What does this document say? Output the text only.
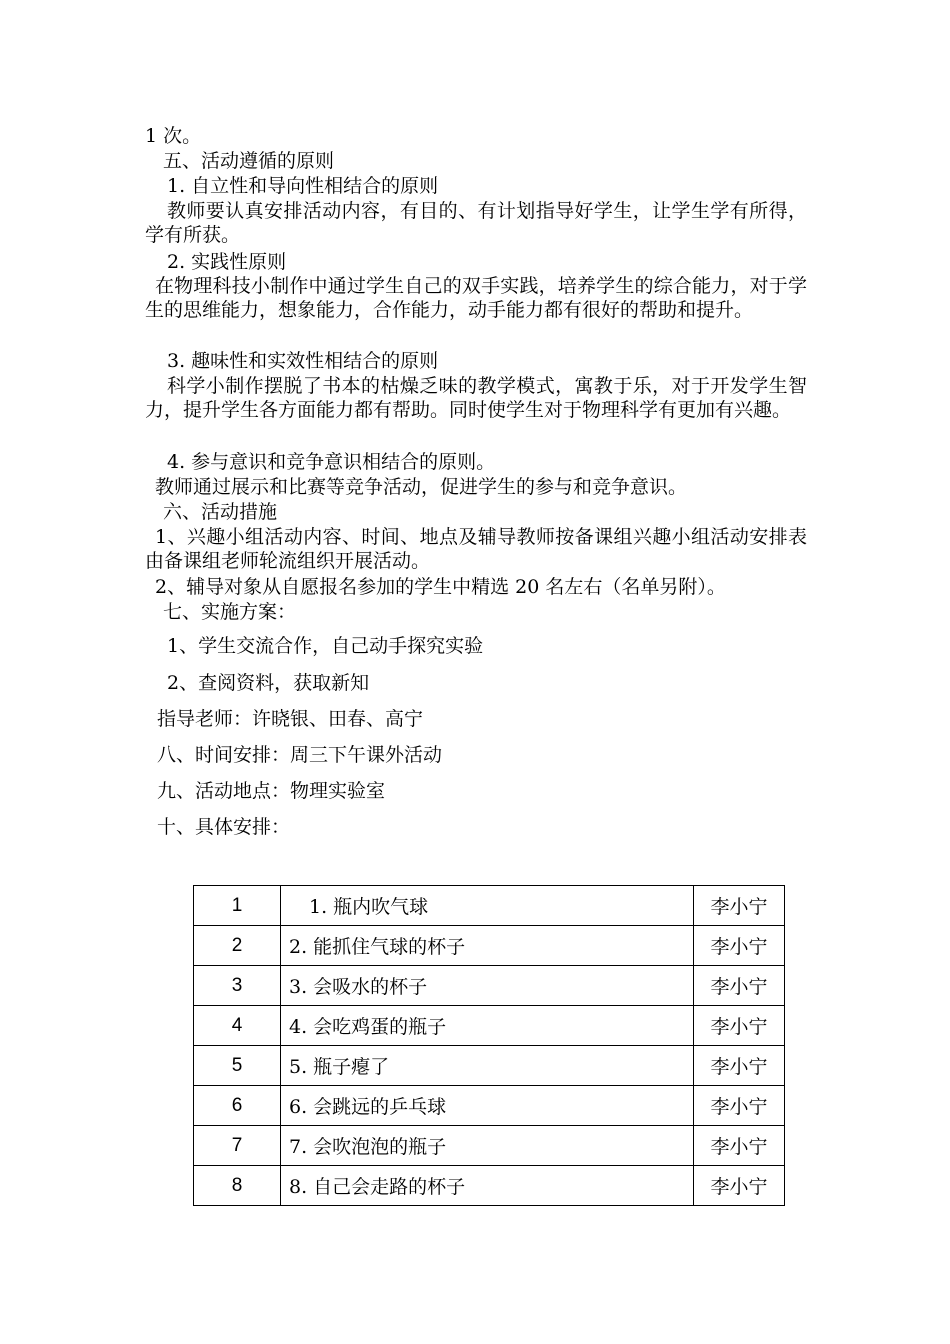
1 次。
五、活动遵循的原则
1. 自立性和导向性相结合的原则
教师要认真安排活动内容，有目的、有计划指导好学生，让学生学有所得，学有所获。
2. 实践性原则
在物理科技小制作中通过学生自己的双手实践，培养学生的综合能力，对于学生的思维能力，想象能力，合作能力，动手能力都有很好的帮助和提升。
3. 趣味性和实效性相结合的原则
科学小制作摆脱了书本的枯燥乏味的教学模式，寓教于乐，对于开发学生智力，提升学生各方面能力都有帮助。同时使学生对于物理科学有更加有兴趣。
4. 参与意识和竞争意识相结合的原则。
教师通过展示和比赛等竞争活动，促进学生的参与和竞争意识。
六、活动措施
1、兴趣小组活动内容、时间、地点及辅导教师按备课组兴趣小组活动安排表由备课组老师轮流组织开展活动。
2、辅导对象从自愿报名参加的学生中精选 20 名左右（名单另附）。
七、实施方案：
1、学生交流合作，自己动手探究实验
2、查阅资料，获取新知
指导老师：许晓银、田春、高宁
八、时间安排：周三下午课外活动
九、活动地点：物理实验室
十、具体安排：
1	1. 瓶内吹气球	李小宁
2	2. 能抓住气球的杯子	李小宁
3	3. 会吸水的杯子	李小宁
4	4. 会吃鸡蛋的瓶子	李小宁
5	5. 瓶子瘪了	李小宁
6	6. 会跳远的乒乓球	李小宁
7	7. 会吹泡泡的瓶子	李小宁
8	8. 自己会走路的杯子	李小宁
